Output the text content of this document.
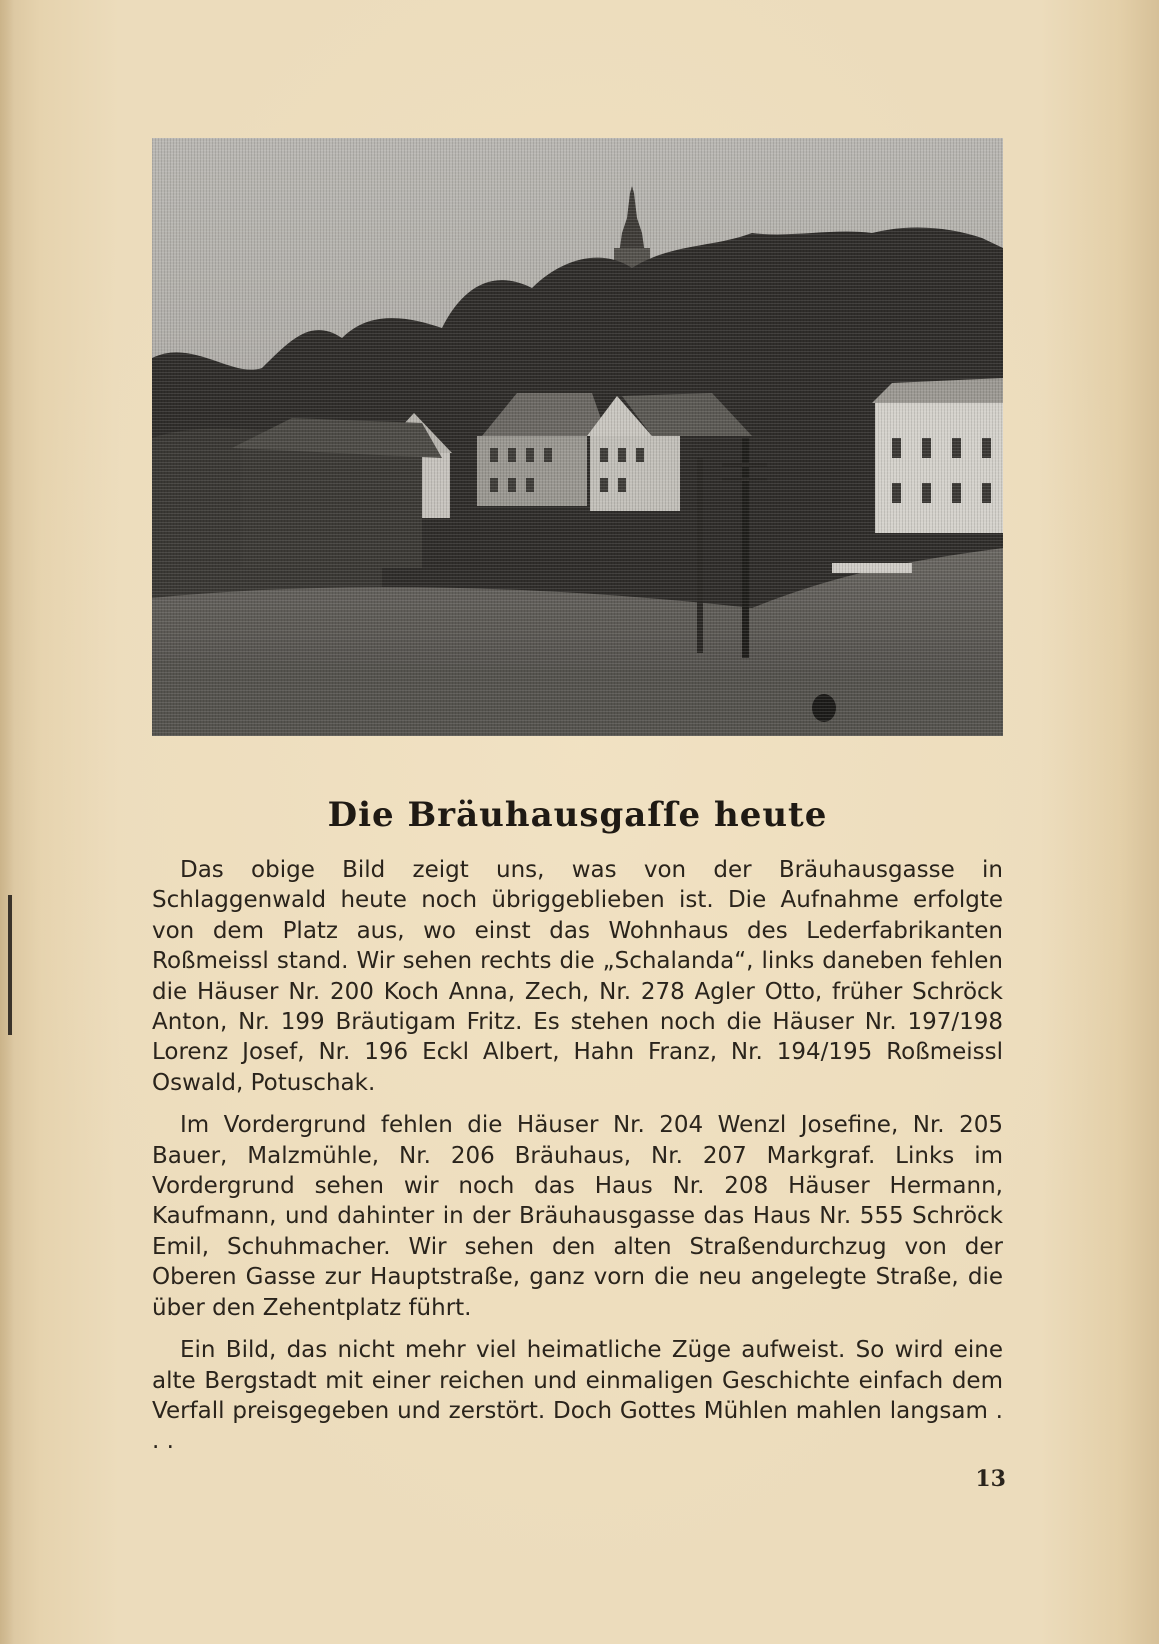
Die Bräuhausgaſſe heute

Das obige Bild zeigt uns, was von der Bräuhausgasse in Schlaggenwald heute noch übriggeblieben ist. Die Aufnahme erfolgte von dem Platz aus, wo einst das Wohnhaus des Lederfabrikanten Roßmeissl stand. Wir sehen rechts die „Schalanda“, links daneben fehlen die Häuser Nr. 200 Koch Anna, Zech, Nr. 278 Agler Otto, früher Schröck Anton, Nr. 199 Bräutigam Fritz. Es stehen noch die Häuser Nr. 197/198 Lorenz Josef, Nr. 196 Eckl Albert, Hahn Franz, Nr. 194/195 Roßmeissl Oswald, Potuschak.

Im Vordergrund fehlen die Häuser Nr. 204 Wenzl Josefine, Nr. 205 Bauer, Malzmühle, Nr. 206 Bräuhaus, Nr. 207 Markgraf. Links im Vordergrund sehen wir noch das Haus Nr. 208 Häuser Hermann, Kaufmann, und dahinter in der Bräuhausgasse das Haus Nr. 555 Schröck Emil, Schuhmacher. Wir sehen den alten Straßendurchzug von der Oberen Gasse zur Hauptstraße, ganz vorn die neu angelegte Straße, die über den Zehentplatz führt.

Ein Bild, das nicht mehr viel heimatliche Züge aufweist. So wird eine alte Bergstadt mit einer reichen und einmaligen Geschichte einfach dem Verfall preisgegeben und zerstört. Doch Gottes Mühlen mahlen langsam . . .

13
